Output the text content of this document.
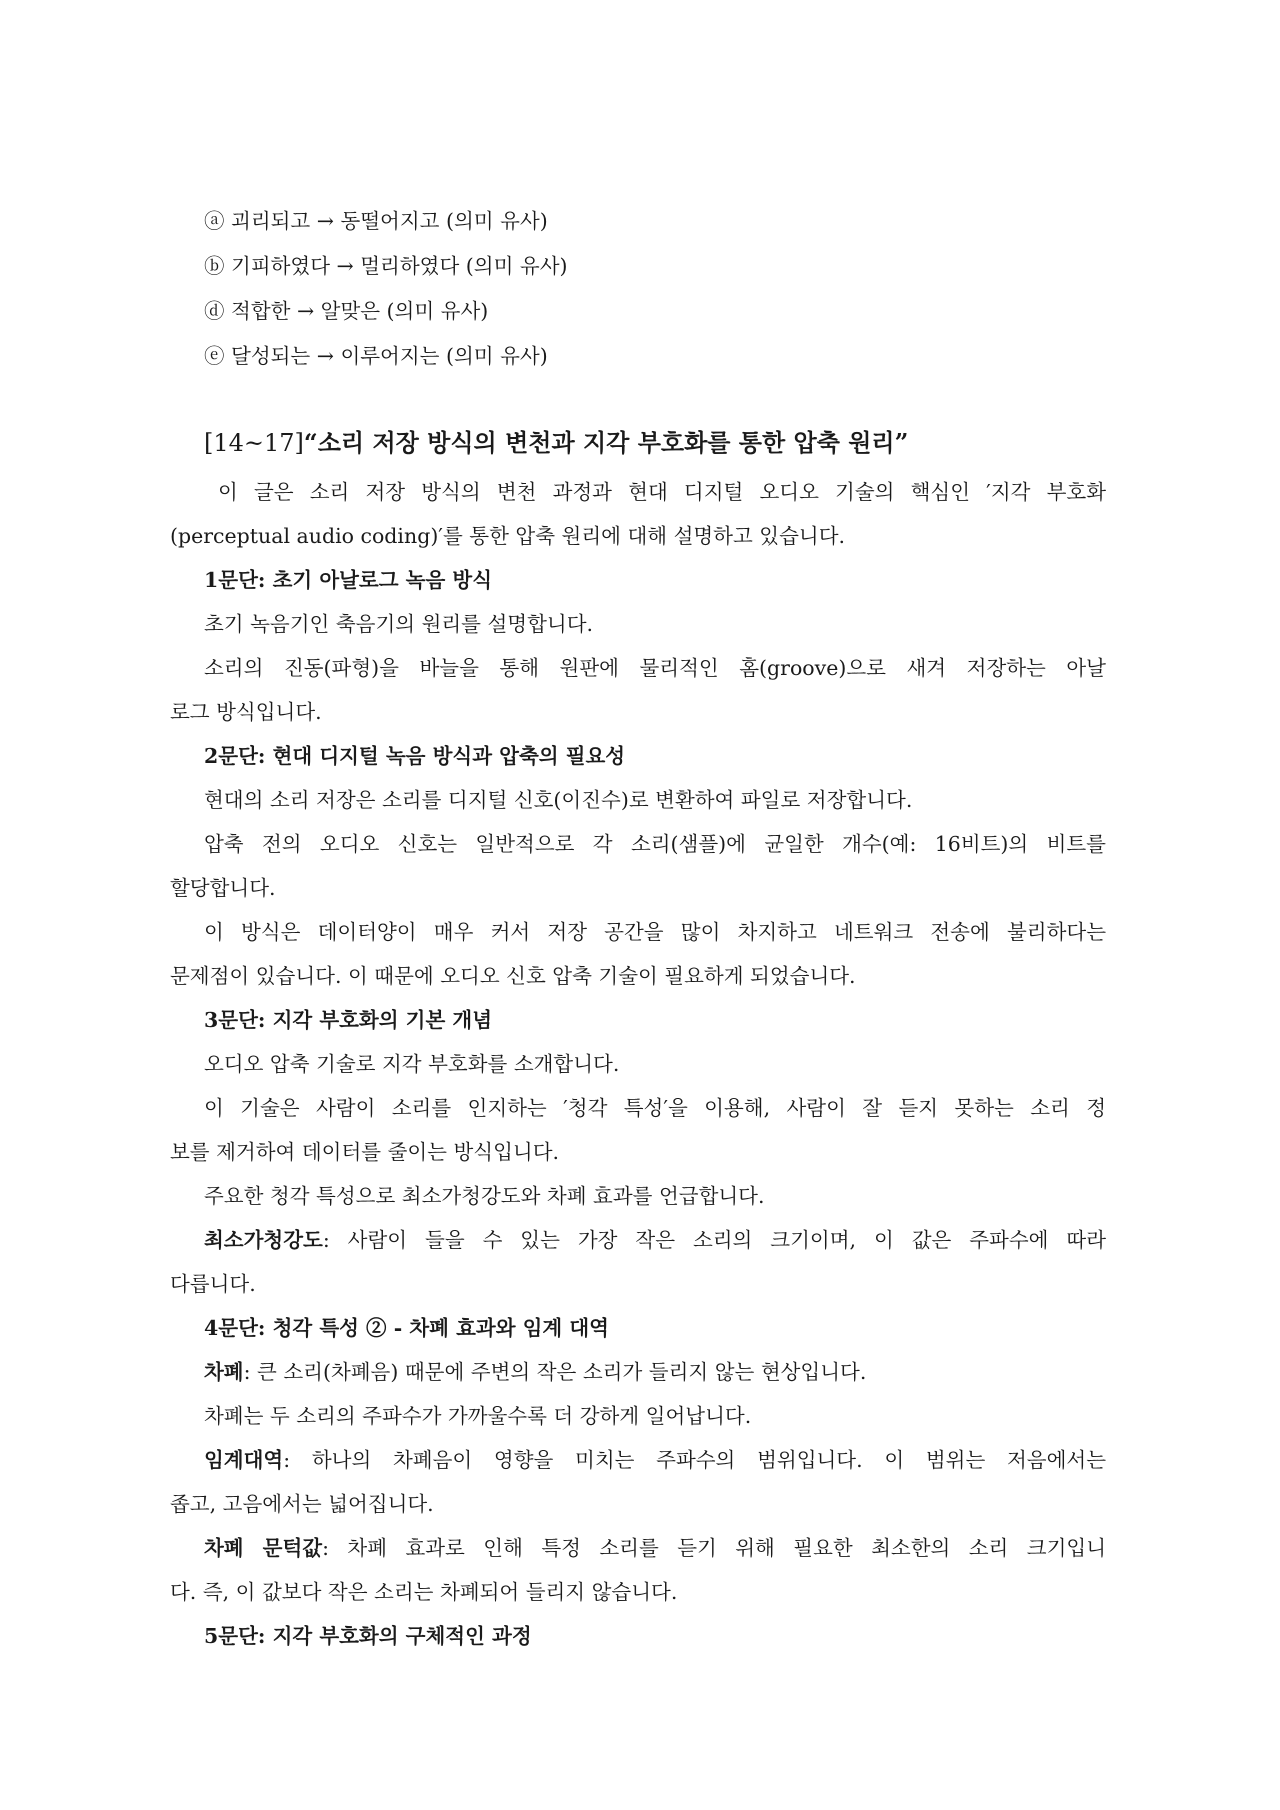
ⓐ 괴리되고 → 동떨어지고 (의미 유사)
ⓑ 기피하였다 → 멀리하였다 (의미 유사)
ⓓ 적합한 → 알맞은 (의미 유사)
ⓔ 달성되는 → 이루어지는 (의미 유사)
[14~17]“소리 저장 방식의 변천과 지각 부호화를 통한 압축 원리”
이 글은 소리 저장 방식의 변천 과정과 현대 디지털 오디오 기술의 핵심인 ′지각 부호화
(perceptual audio coding)′를 통한 압축 원리에 대해 설명하고 있습니다.
1문단: 초기 아날로그 녹음 방식
초기 녹음기인 축음기의 원리를 설명합니다.
소리의 진동(파형)을 바늘을 통해 원판에 물리적인 홈(groove)으로 새겨 저장하는 아날
로그 방식입니다.
2문단: 현대 디지털 녹음 방식과 압축의 필요성
현대의 소리 저장은 소리를 디지털 신호(이진수)로 변환하여 파일로 저장합니다.
압축 전의 오디오 신호는 일반적으로 각 소리(샘플)에 균일한 개수(예: 16비트)의 비트를
할당합니다.
이 방식은 데이터양이 매우 커서 저장 공간을 많이 차지하고 네트워크 전송에 불리하다는
문제점이 있습니다. 이 때문에 오디오 신호 압축 기술이 필요하게 되었습니다.
3문단: 지각 부호화의 기본 개념
오디오 압축 기술로 지각 부호화를 소개합니다.
이 기술은 사람이 소리를 인지하는 ′청각 특성′을 이용해, 사람이 잘 듣지 못하는 소리 정
보를 제거하여 데이터를 줄이는 방식입니다.
주요한 청각 특성으로 최소가청강도와 차폐 효과를 언급합니다.
최소가청강도: 사람이 들을 수 있는 가장 작은 소리의 크기이며, 이 값은 주파수에 따라
다릅니다.
4문단: 청각 특성 ② - 차폐 효과와 임계 대역
차폐: 큰 소리(차폐음) 때문에 주변의 작은 소리가 들리지 않는 현상입니다.
차폐는 두 소리의 주파수가 가까울수록 더 강하게 일어납니다.
임계대역: 하나의 차폐음이 영향을 미치는 주파수의 범위입니다. 이 범위는 저음에서는
좁고, 고음에서는 넓어집니다.
차폐 문턱값: 차폐 효과로 인해 특정 소리를 듣기 위해 필요한 최소한의 소리 크기입니
다. 즉, 이 값보다 작은 소리는 차폐되어 들리지 않습니다.
5문단: 지각 부호화의 구체적인 과정
